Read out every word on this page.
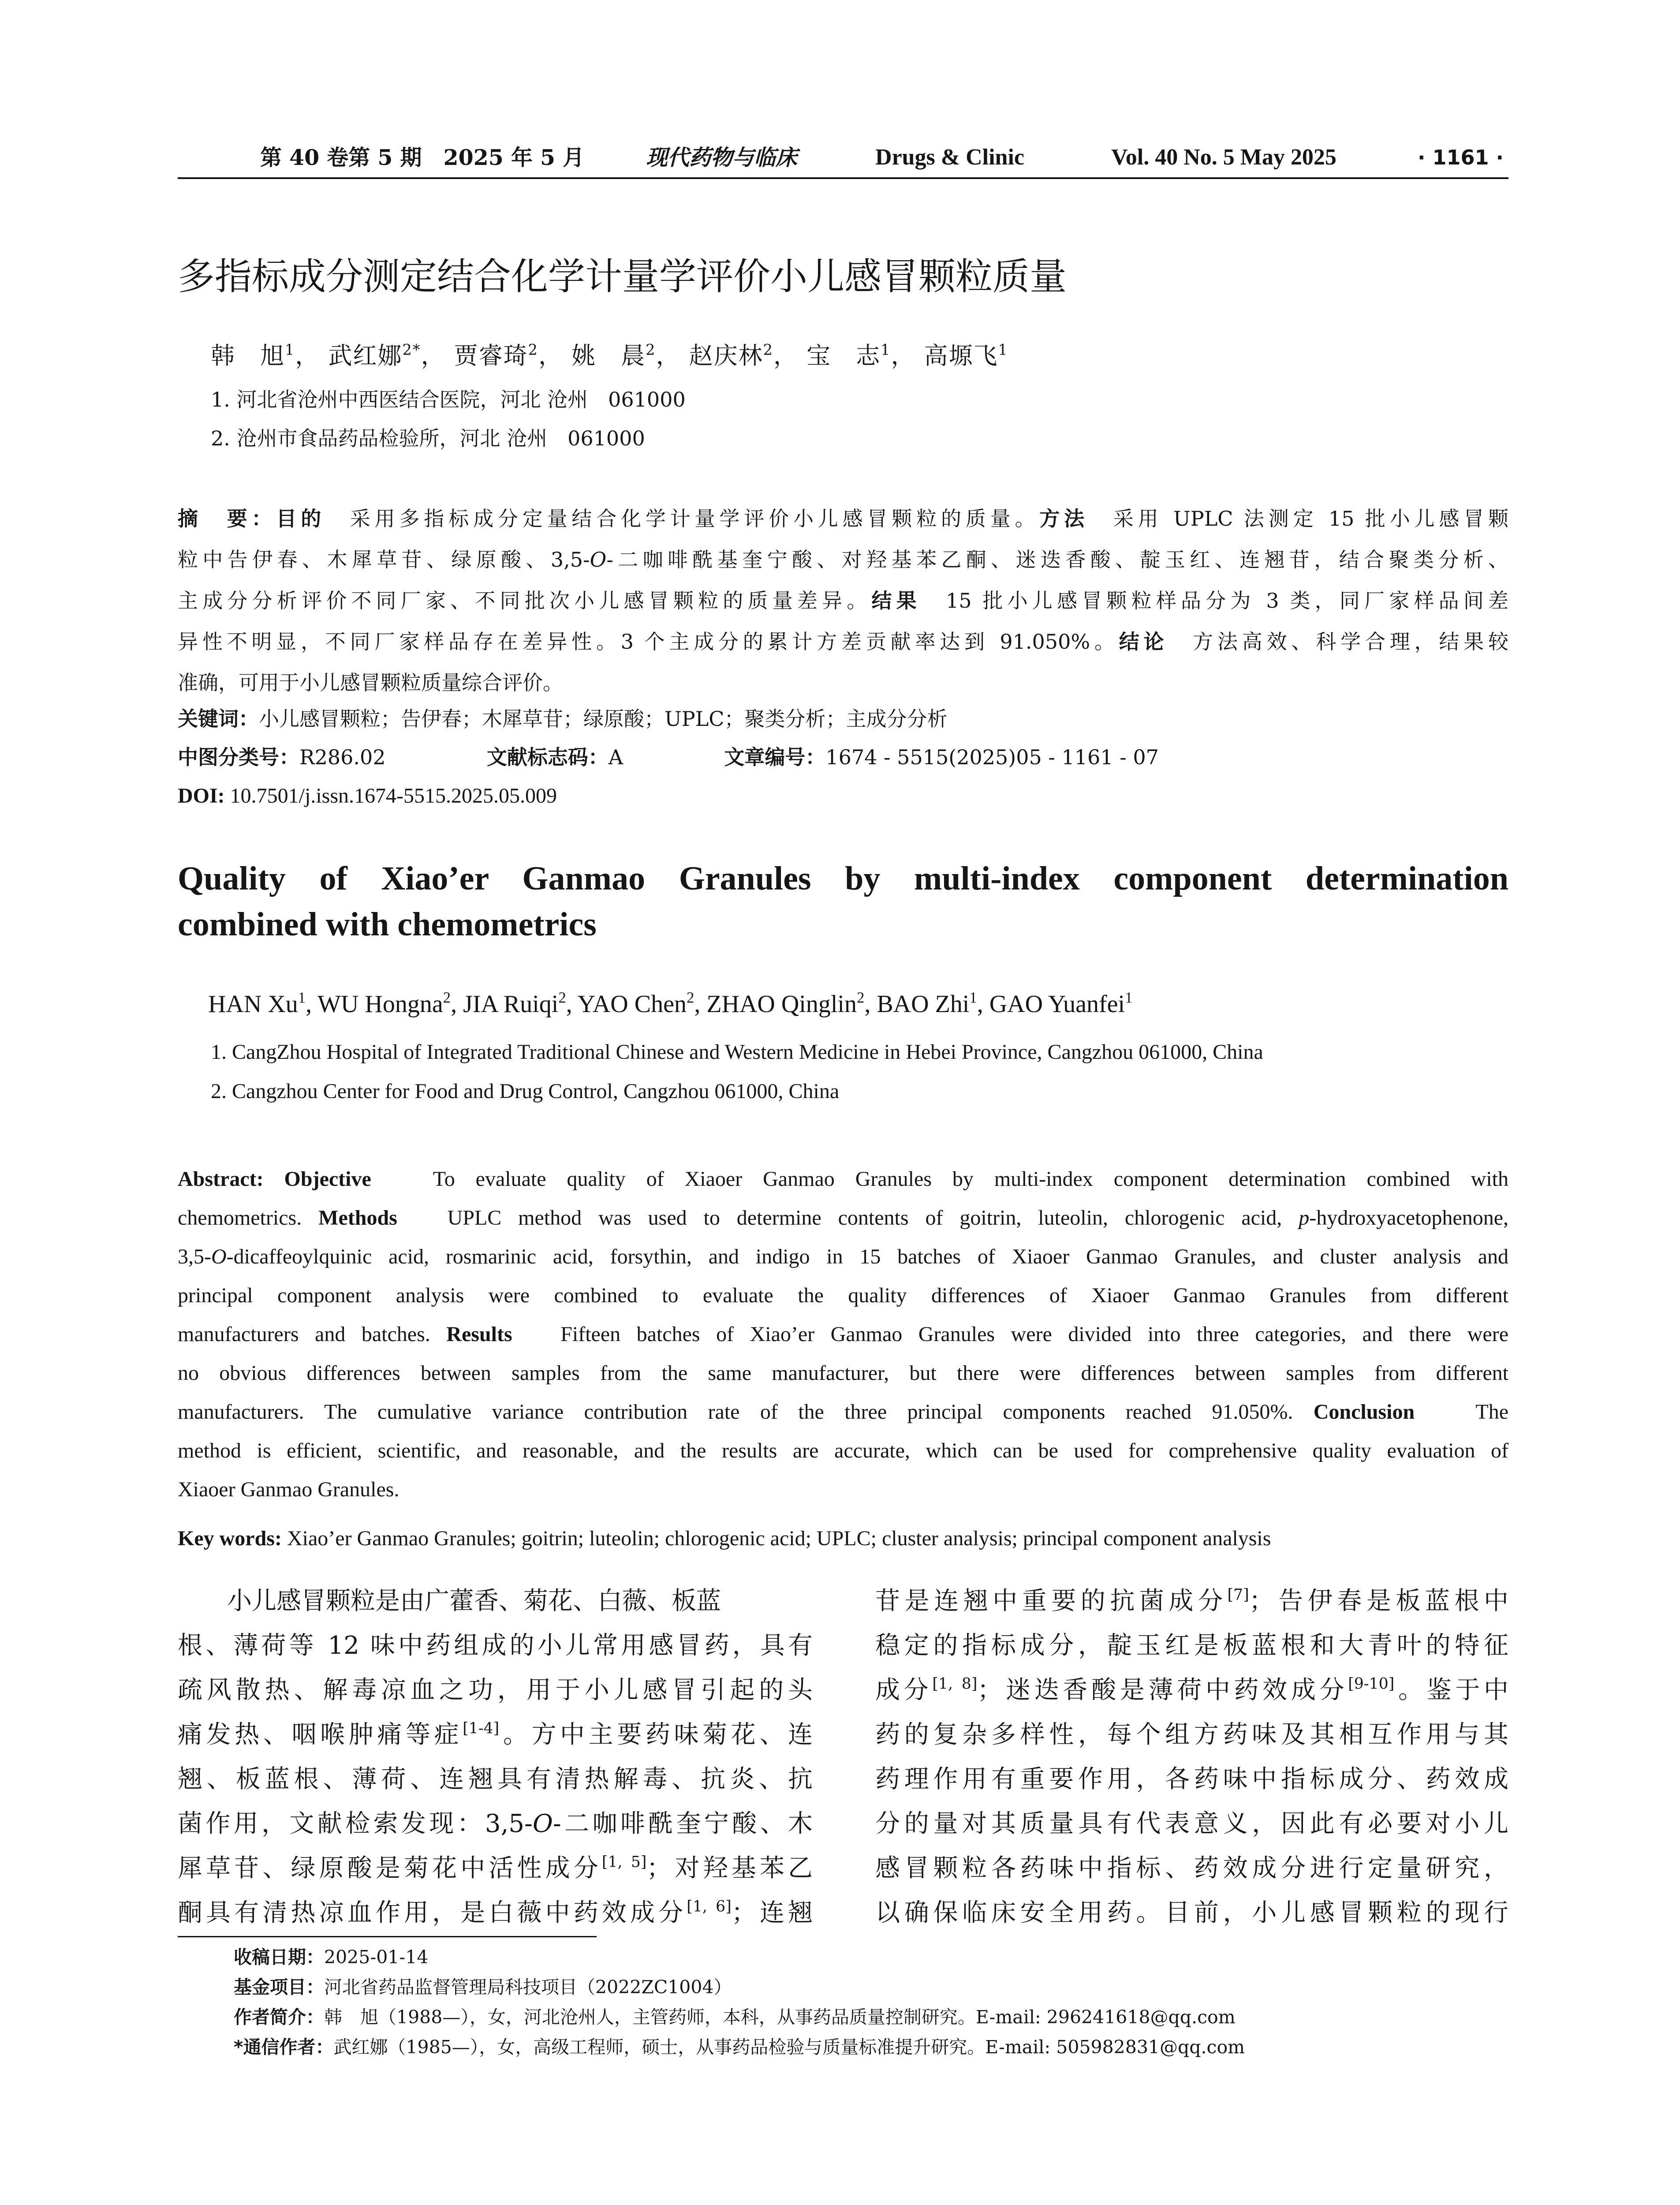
第 40 卷第 5 期　2025 年 5 月	现代药物与临床	Drugs & Clinic	Vol. 40 No. 5 May 2025	· 1161 ·
多指标成分测定结合化学计量学评价小儿感冒颗粒质量
韩　旭$^1$， 武红娜$^{2*}$， 贾睿琦$^2$， 姚　晨$^2$， 赵庆林$^2$， 宝　志$^1$， 高塬飞$^1$
1. 河北省沧州中西医结合医院，河北 沧州　061000
2. 沧州市食品药品检验所，河北 沧州　061000
摘　要：目的　采用多指标成分定量结合化学计量学评价小儿感冒颗粒的质量。方法　采用 UPLC 法测定 15 批小儿感冒颗
粒中告伊春、木犀草苷、绿原酸、3,5-O-二咖啡酰基奎宁酸、对羟基苯乙酮、迷迭香酸、靛玉红、连翘苷，结合聚类分析、
主成分分析评价不同厂家、不同批次小儿感冒颗粒的质量差异。结果　15 批小儿感冒颗粒样品分为 3 类，同厂家样品间差
异性不明显，不同厂家样品存在差异性。3 个主成分的累计方差贡献率达到 91.050%。结论　方法高效、科学合理，结果较
准确，可用于小儿感冒颗粒质量综合评价。
关键词：小儿感冒颗粒；告伊春；木犀草苷；绿原酸；UPLC；聚类分析；主成分分析
中图分类号：R286.02	文献标志码：A	文章编号：1674 - 5515(2025)05 - 1161 - 07
DOI: 10.7501/j.issn.1674-5515.2025.05.009
Quality of Xiao’er Ganmao Granules by multi-index component determination
combined with chemometrics
HAN Xu$^1$, WU Hongna$^2$, JIA Ruiqi$^2$, YAO Chen$^2$, ZHAO Qinglin$^2$, BAO Zhi$^1$, GAO Yuanfei$^1$
1. CangZhou Hospital of Integrated Traditional Chinese and Western Medicine in Hebei Province, Cangzhou 061000, China
2. Cangzhou Center for Food and Drug Control, Cangzhou 061000, China
Abstract: Objective	To evaluate quality of Xiaoer Ganmao Granules by multi-index component determination combined with
chemometrics. Methods UPLC method was used to determine contents of goitrin, luteolin, chlorogenic acid, p-hydroxyacetophenone,
3,5-O-dicaffeoylquinic acid, rosmarinic acid, forsythin, and indigo in 15 batches of Xiaoer Ganmao Granules, and cluster analysis and
principal component analysis were combined to evaluate the quality differences of Xiaoer Ganmao Granules from different
manufacturers and batches. Results Fifteen batches of Xiao’er Ganmao Granules were divided into three categories, and there were
no obvious differences between samples from the same manufacturer, but there were differences between samples from different
manufacturers. The cumulative variance contribution rate of the three principal components reached 91.050%. Conclusion	The
method is efficient, scientific, and reasonable, and the results are accurate, which can be used for comprehensive quality evaluation of
Xiaoer Ganmao Granules.
Key words: Xiao’er Ganmao Granules; goitrin; luteolin; chlorogenic acid; UPLC; cluster analysis; principal component analysis
小儿感冒颗粒是由广藿香、菊花、白薇、板蓝
根、薄荷等 12 味中药组成的小儿常用感冒药，具有
疏风散热、解毒凉血之功，用于小儿感冒引起的头
痛发热、咽喉肿痛等症[1-4]。方中主要药味菊花、连
翘、板蓝根、薄荷、连翘具有清热解毒、抗炎、抗
菌作用，文献检索发现：3,5-O-二咖啡酰奎宁酸、木
犀草苷、绿原酸是菊花中活性成分[1, 5]；对羟基苯乙
酮具有清热凉血作用，是白薇中药效成分[1, 6]；连翘
苷是连翘中重要的抗菌成分[7]；告伊春是板蓝根中
稳定的指标成分，靛玉红是板蓝根和大青叶的特征
成分[1, 8]；迷迭香酸是薄荷中药效成分[9-10]。鉴于中
药的复杂多样性，每个组方药味及其相互作用与其
药理作用有重要作用，各药味中指标成分、药效成
分的量对其质量具有代表意义，因此有必要对小儿
感冒颗粒各药味中指标、药效成分进行定量研究，
以确保临床安全用药。目前，小儿感冒颗粒的现行
收稿日期：2025-01-14
基金项目：河北省药品监督管理局科技项目（2022ZC1004）
作者简介：韩　旭（1988—），女，河北沧州人，主管药师，本科，从事药品质量控制研究。E-mail: 296241618@qq.com
*通信作者：武红娜（1985—），女，高级工程师，硕士，从事药品检验与质量标准提升研究。E-mail: 505982831@qq.com
